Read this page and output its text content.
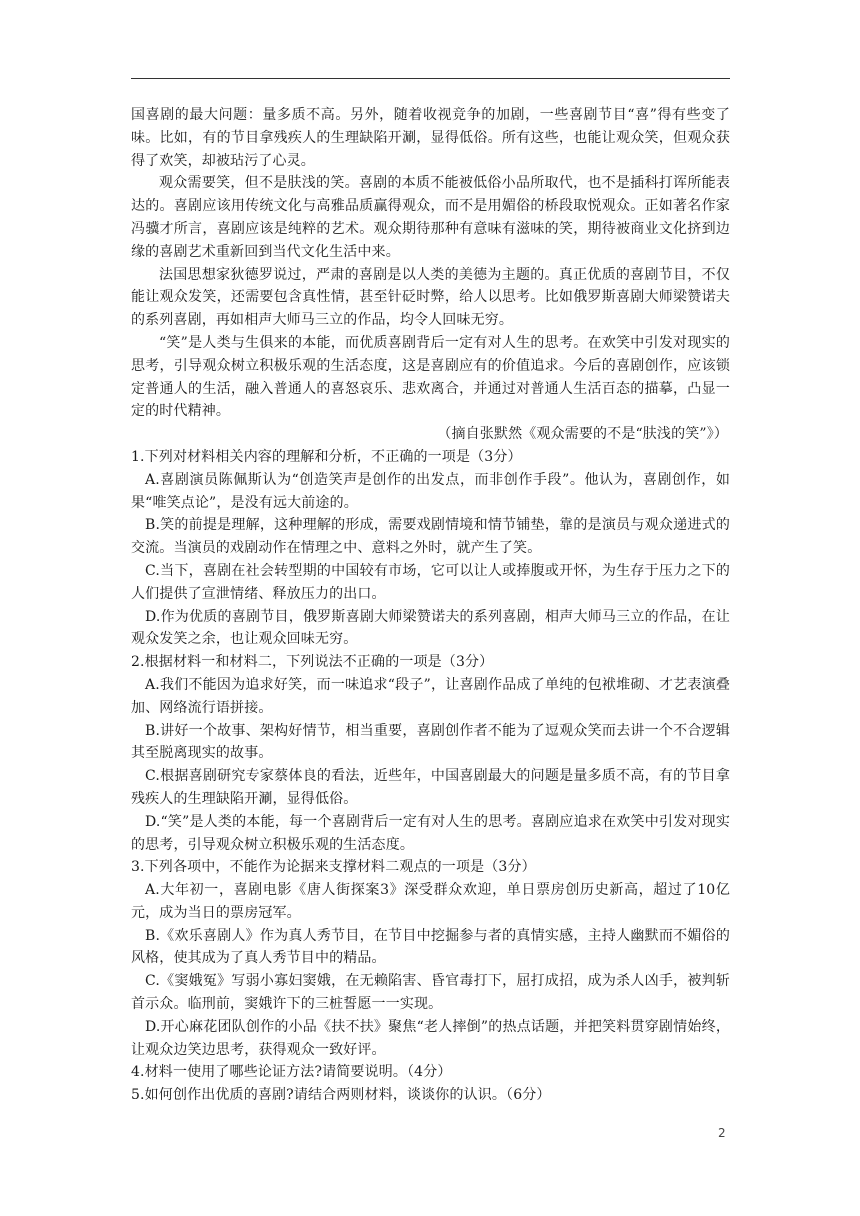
国喜剧的最大问题：量多质不高。另外，随着收视竞争的加剧，一些喜剧节目“喜”得有些变了味。比如，有的节目拿残疾人的生理缺陷开涮，显得低俗。所有这些，也能让观众笑，但观众获得了欢笑，却被玷污了心灵。

观众需要笑，但不是肤浅的笑。喜剧的本质不能被低俗小品所取代，也不是插科打诨所能表达的。喜剧应该用传统文化与高雅品质赢得观众，而不是用媚俗的桥段取悦观众。正如著名作家冯骥才所言，喜剧应该是纯粹的艺术。观众期待那种有意味有滋味的笑，期待被商业文化挤到边缘的喜剧艺术重新回到当代文化生活中来。

法国思想家狄德罗说过，严肃的喜剧是以人类的美德为主题的。真正优质的喜剧节目，不仅能让观众发笑，还需要包含真性情，甚至针砭时弊，给人以思考。比如俄罗斯喜剧大师梁赞诺夫的系列喜剧，再如相声大师马三立的作品，均令人回味无穷。

“笑”是人类与生俱来的本能，而优质喜剧背后一定有对人生的思考。在欢笑中引发对现实的思考，引导观众树立积极乐观的生活态度，这是喜剧应有的价值追求。今后的喜剧创作，应该锁定普通人的生活，融入普通人的喜怒哀乐、悲欢离合，并通过对普通人生活百态的描摹，凸显一定的时代精神。

（摘自张默然《观众需要的不是“肤浅的笑”》）

1.下列对材料相关内容的理解和分析，不正确的一项是（3分）

A.喜剧演员陈佩斯认为“创造笑声是创作的出发点，而非创作手段”。他认为，喜剧创作，如果“唯笑点论”，是没有远大前途的。

B.笑的前提是理解，这种理解的形成，需要戏剧情境和情节铺垫，靠的是演员与观众递进式的交流。当演员的戏剧动作在情理之中、意料之外时，就产生了笑。

C.当下，喜剧在社会转型期的中国较有市场，它可以让人或捧腹或开怀，为生存于压力之下的人们提供了宣泄情绪、释放压力的出口。

D.作为优质的喜剧节目，俄罗斯喜剧大师梁赞诺夫的系列喜剧，相声大师马三立的作品，在让观众发笑之余，也让观众回味无穷。

2.根据材料一和材料二，下列说法不正确的一项是（3分）

A.我们不能因为追求好笑，而一味追求“段子”，让喜剧作品成了单纯的包袱堆砌、才艺表演叠加、网络流行语拼接。

B.讲好一个故事、架构好情节，相当重要，喜剧创作者不能为了逗观众笑而去讲一个不合逻辑其至脱离现实的故事。

C.根据喜剧研究专家蔡体良的看法，近些年，中国喜剧最大的问题是量多质不高，有的节目拿残疾人的生理缺陷开涮，显得低俗。

D.“笑”是人类的本能，每一个喜剧背后一定有对人生的思考。喜剧应追求在欢笑中引发对现实的思考，引导观众树立积极乐观的生活态度。

3.下列各项中，不能作为论据来支撑材料二观点的一项是（3分）

A.大年初一，喜剧电影《唐人街探案3》深受群众欢迎，单日票房创历史新高，超过了10亿元，成为当日的票房冠军。

B.《欢乐喜剧人》作为真人秀节目，在节目中挖掘参与者的真情实感，主持人幽默而不媚俗的风格，使其成为了真人秀节目中的精品。

C.《窦娥冤》写弱小寡妇窦娥，在无赖陷害、昏官毒打下，屈打成招，成为杀人凶手，被判斩首示众。临刑前，窦娥许下的三桩誓愿一一实现。

D.开心麻花团队创作的小品《扶不扶》聚焦“老人摔倒”的热点话题，并把笑料贯穿剧情始终，让观众边笑边思考，获得观众一致好评。

4.材料一使用了哪些论证方法?请简要说明。（4分）

5.如何创作出优质的喜剧?请结合两则材料，谈谈你的认识。（6分）

2
